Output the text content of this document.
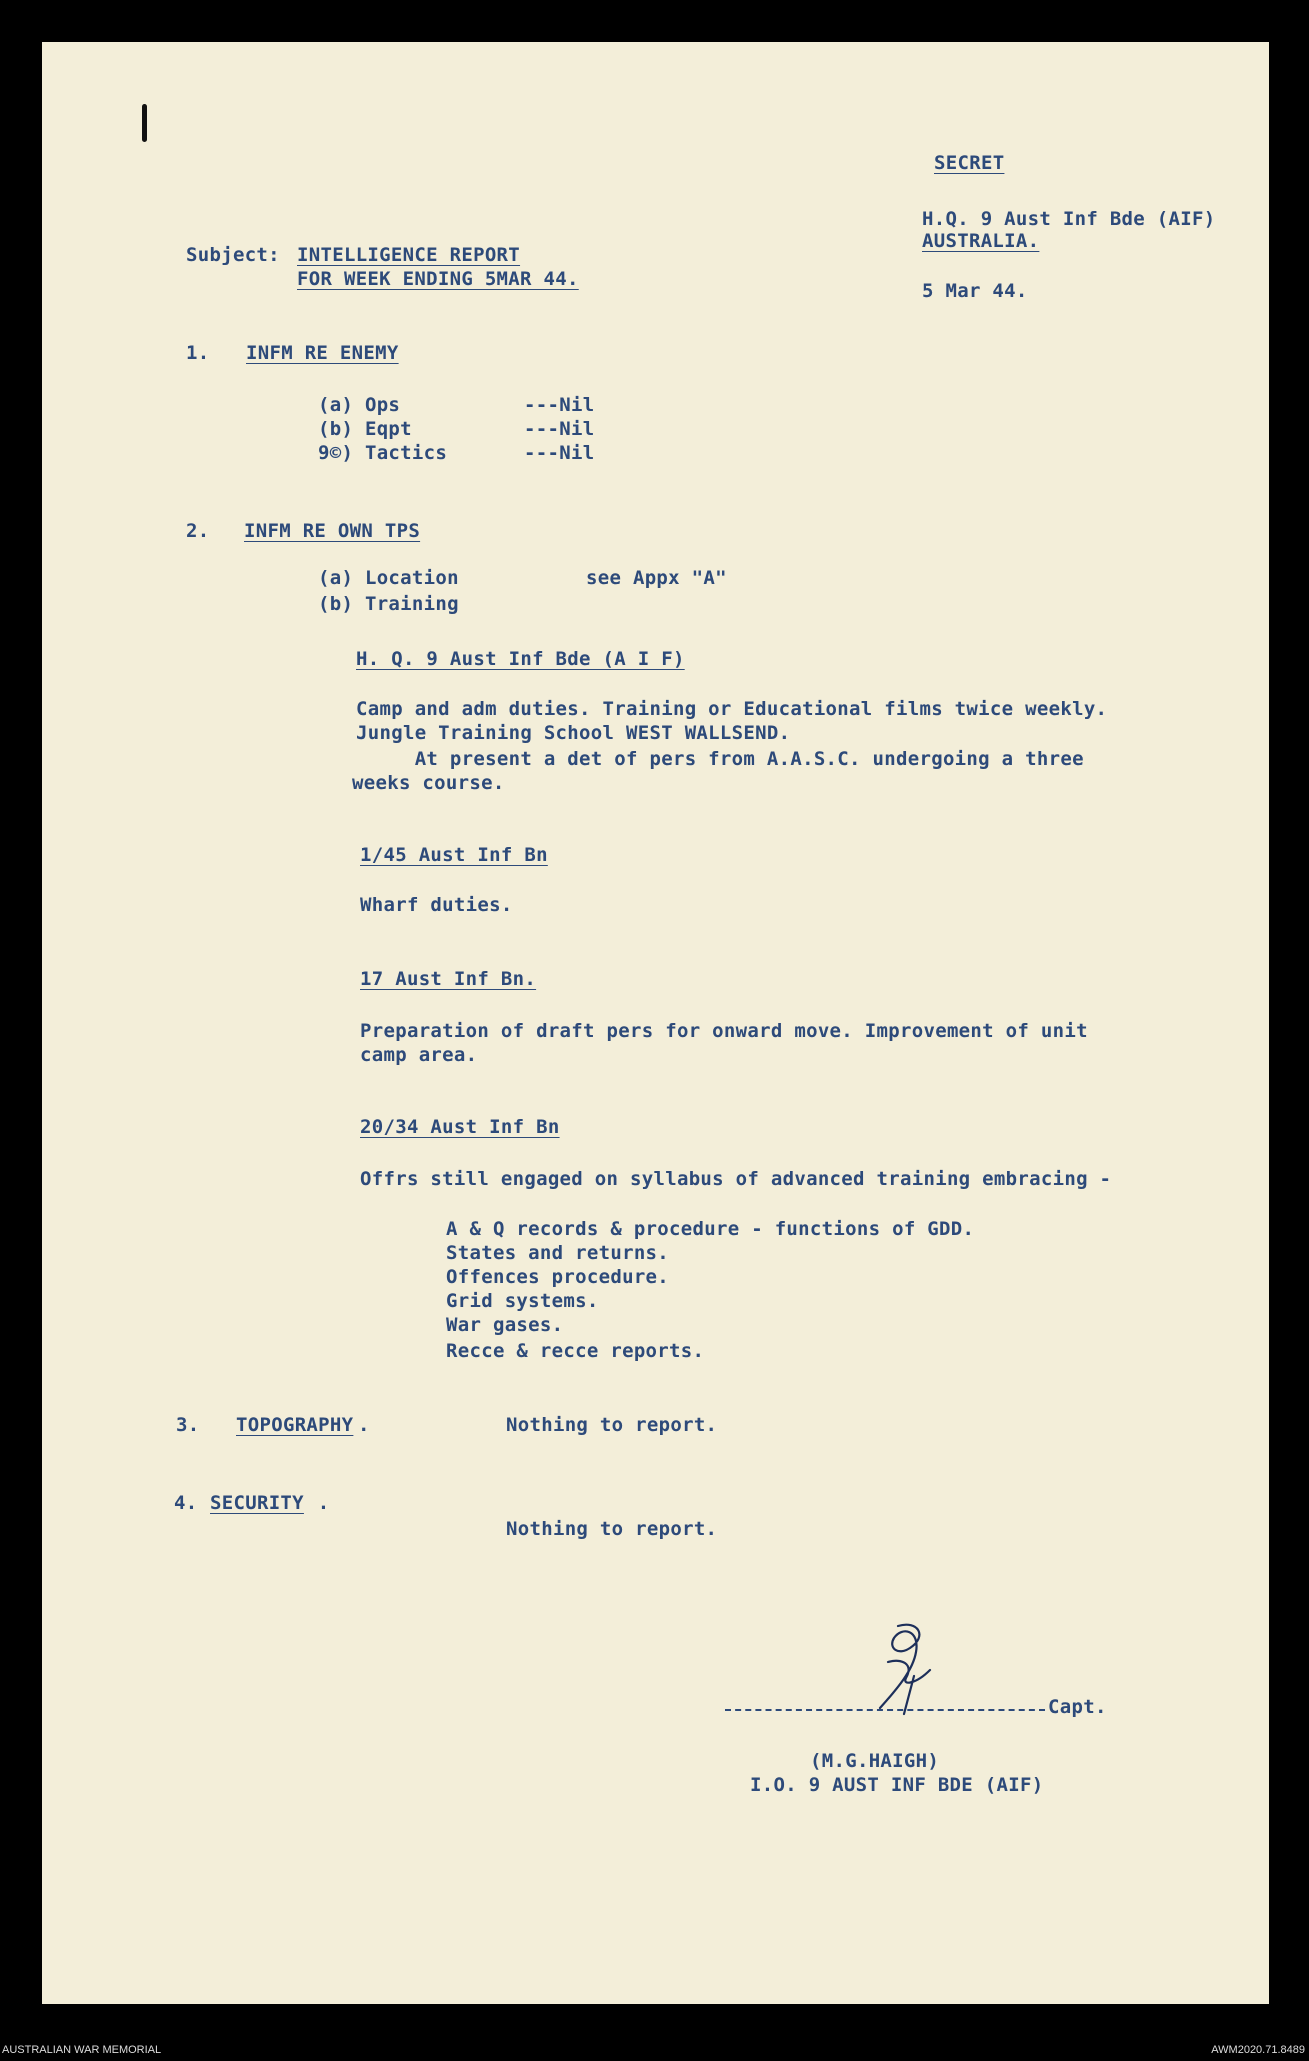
SECRET
H.Q. 9 Aust Inf Bde (AIF)
AUSTRALIA.
5 Mar 44.
Subject: INTELLIGENCE REPORT
FOR WEEK ENDING 5MAR 44.
1. INFM RE ENEMY
(a) Ops	---Nil
(b) Eqpt	---Nil
9©) Tactics	---Nil
2. INFM RE OWN TPS
(a) Location	see Appx "A"
(b) Training
H. Q. 9 Aust Inf Bde (A I F)
Camp and adm duties. Training or Educational films twice weekly.
Jungle Training School WEST WALLSEND.
At present a det of pers from A.A.S.C. undergoing a three
weeks course.
1/45 Aust Inf Bn
Wharf duties.
17 Aust Inf Bn.
Preparation of draft pers for onward move. Improvement of unit
camp area.
20/34 Aust Inf Bn
Offrs still engaged on syllabus of advanced training embracing -
A & Q records & procedure - functions of GDD.
States and returns.
Offences procedure.
Grid systems.
War gases.
Recce & recce reports.
3. TOPOGRAPHY .	Nothing to report.
4. SECURITY .
Nothing to report.
Capt.
(M.G.HAIGH)
I.O. 9 AUST INF BDE (AIF)
AUSTRALIAN WAR MEMORIAL	AWM2020.71.8489
